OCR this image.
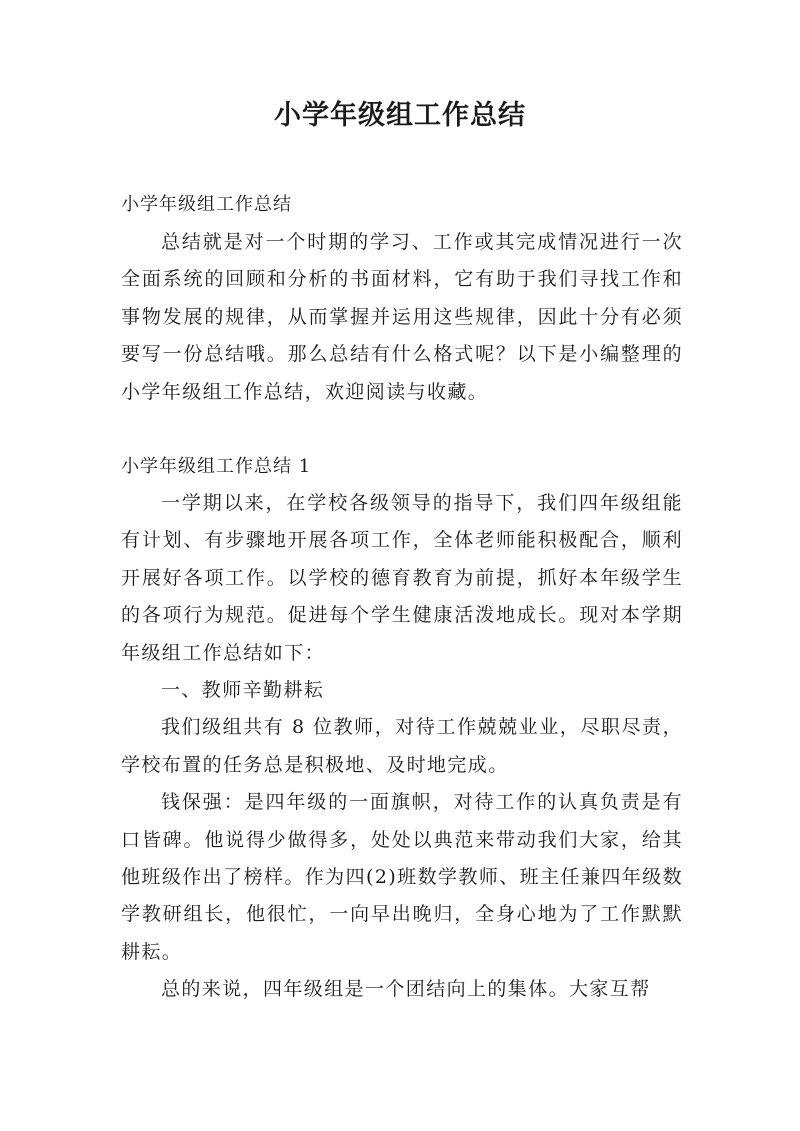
小学年级组工作总结
小学年级组工作总结

总结就是对一个时期的学习、工作或其完成情况进行一次全面系统的回顾和分析的书面材料，它有助于我们寻找工作和事物发展的规律，从而掌握并运用这些规律，因此十分有必须要写一份总结哦。那么总结有什么格式呢？以下是小编整理的小学年级组工作总结，欢迎阅读与收藏。

小学年级组工作总结 1

一学期以来，在学校各级领导的指导下，我们四年级组能有计划、有步骤地开展各项工作，全体老师能积极配合，顺利开展好各项工作。以学校的德育教育为前提，抓好本年级学生的各项行为规范。促进每个学生健康活泼地成长。现对本学期年级组工作总结如下：

一、教师辛勤耕耘

我们级组共有 8 位教师，对待工作兢兢业业，尽职尽责，学校布置的任务总是积极地、及时地完成。

钱保强：是四年级的一面旗帜，对待工作的认真负责是有口皆碑。他说得少做得多，处处以典范来带动我们大家，给其他班级作出了榜样。作为四(2)班数学教师、班主任兼四年级数学教研组长，他很忙，一向早出晚归，全身心地为了工作默默耕耘。

总的来说，四年级组是一个团结向上的集体。大家互帮
